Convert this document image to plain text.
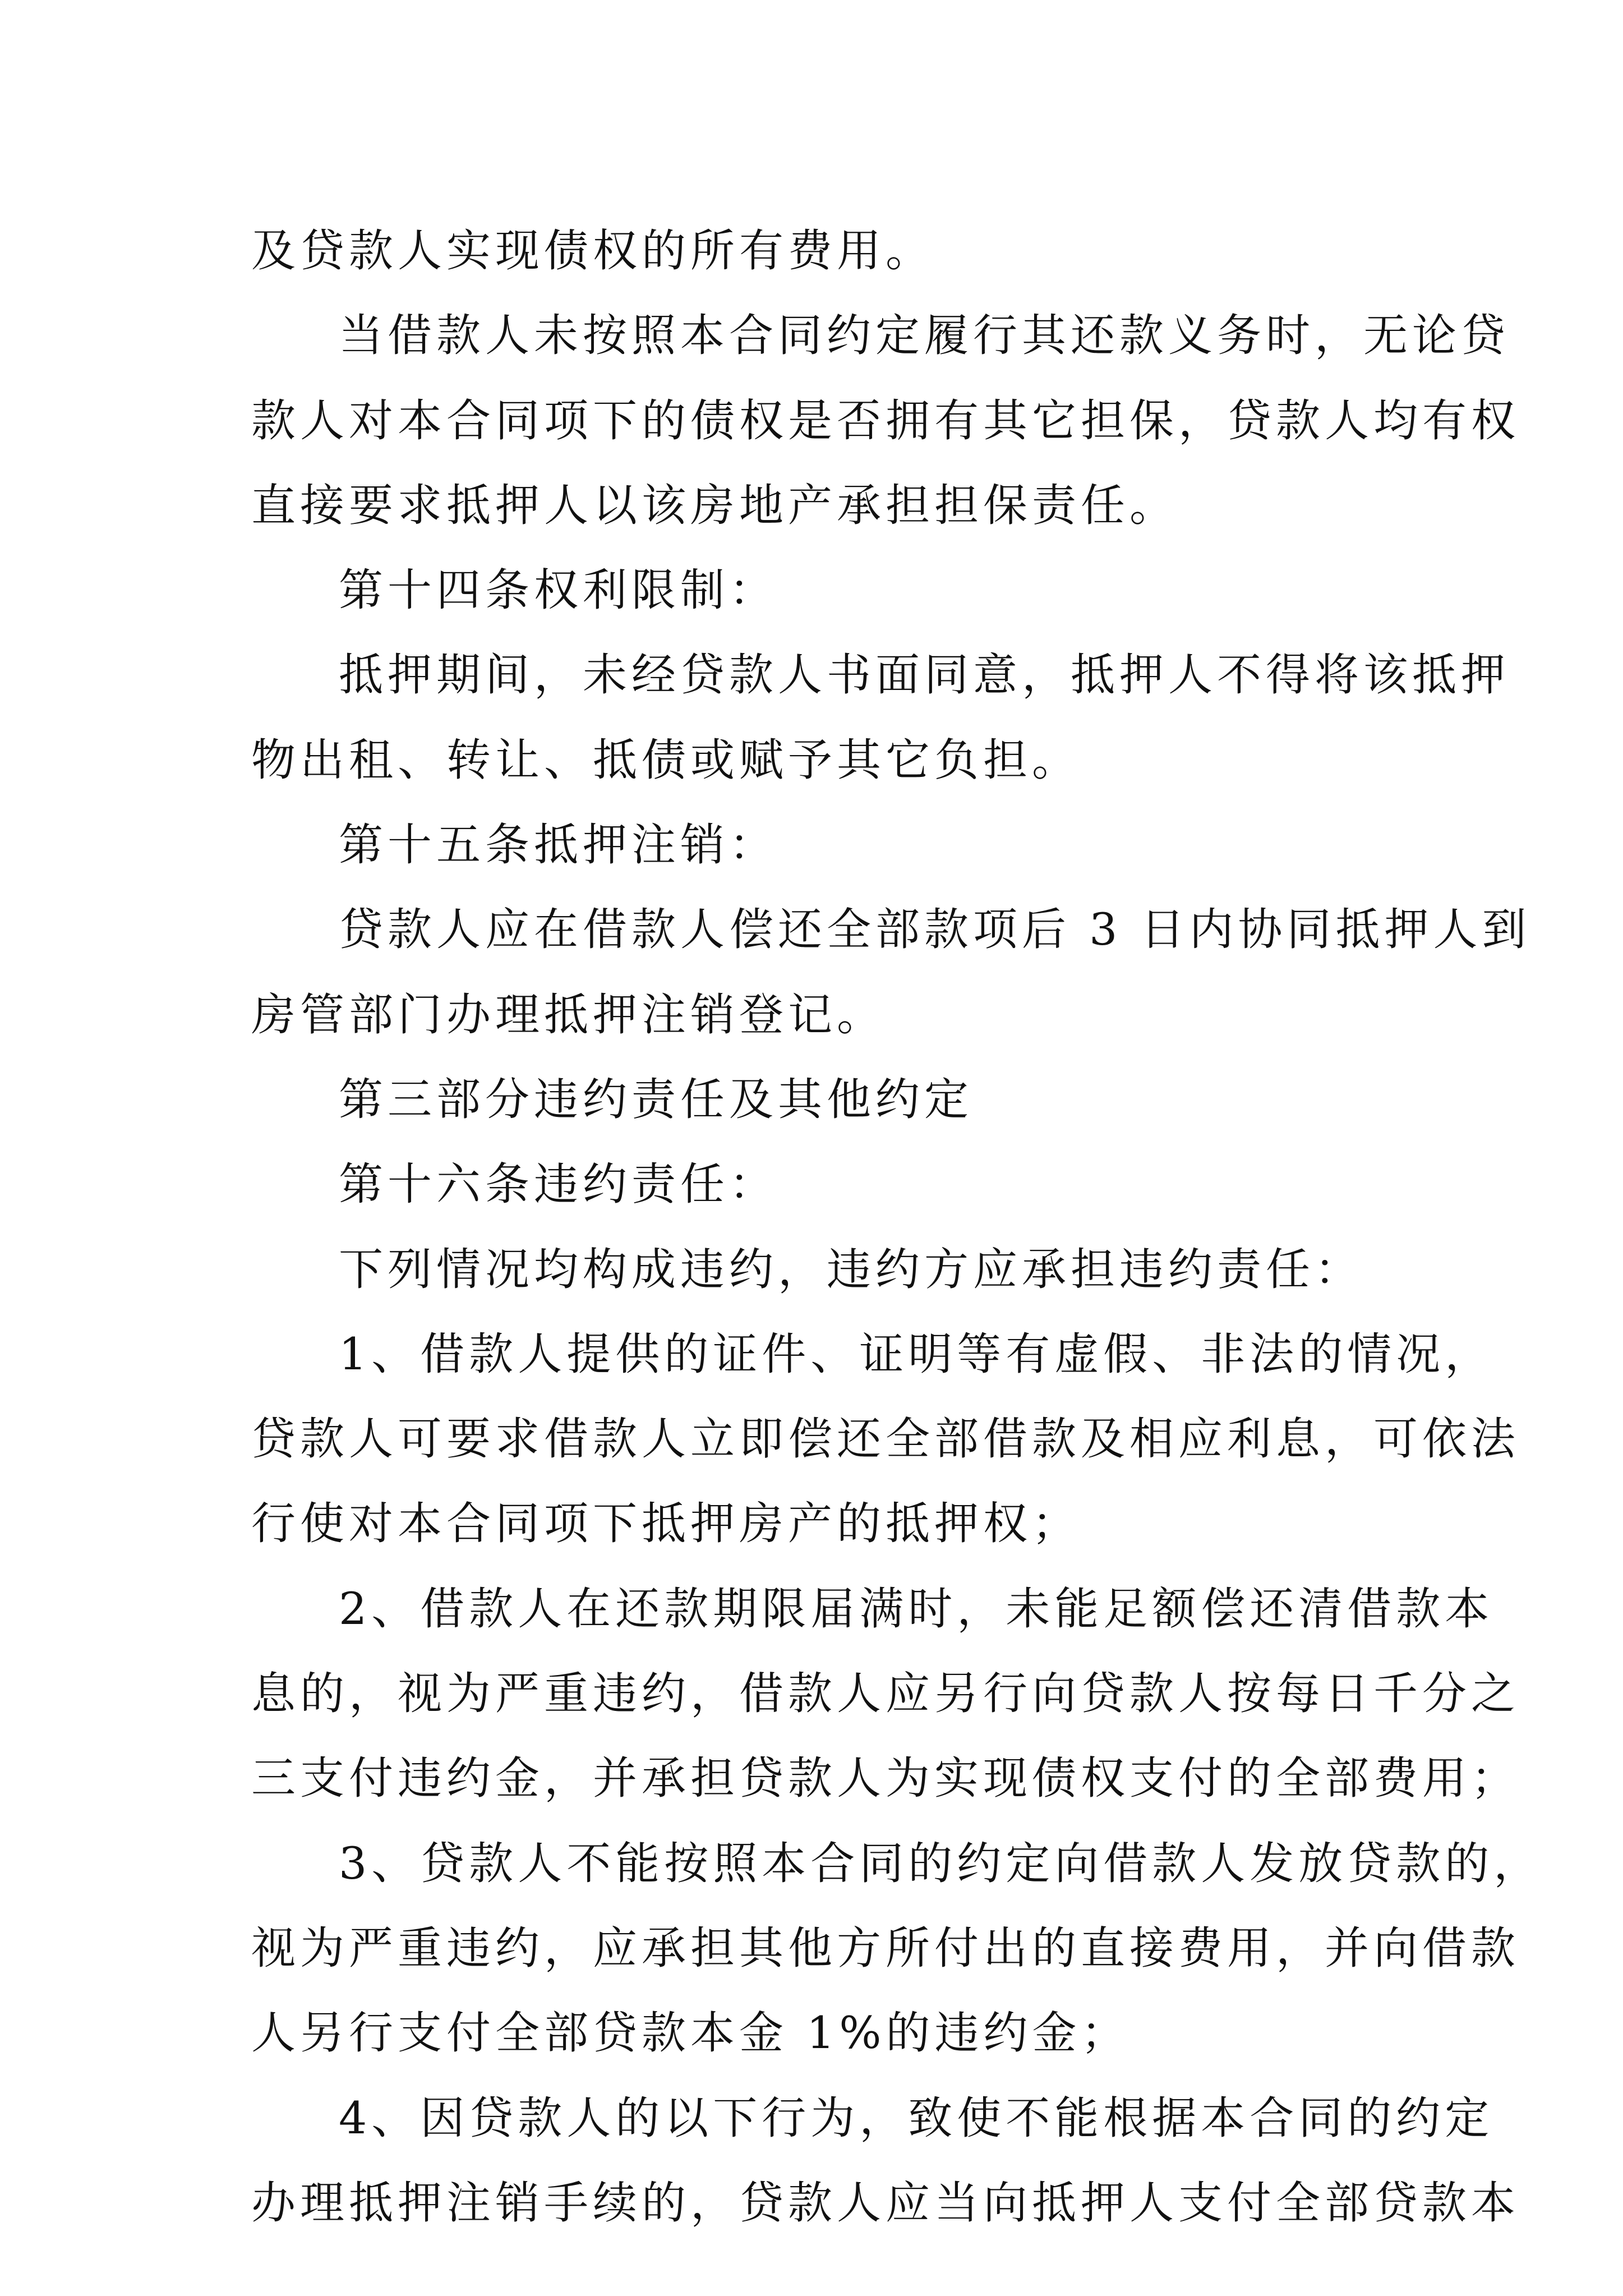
及贷款人实现债权的所有费用。
当借款人未按照本合同约定履行其还款义务时，无论贷
款人对本合同项下的债权是否拥有其它担保，贷款人均有权
直接要求抵押人以该房地产承担担保责任。
第十四条权利限制：
抵押期间，未经贷款人书面同意，抵押人不得将该抵押
物出租、转让、抵债或赋予其它负担。
第十五条抵押注销：
贷款人应在借款人偿还全部款项后 3 日内协同抵押人到
房管部门办理抵押注销登记。
第三部分违约责任及其他约定
第十六条违约责任：
下列情况均构成违约，违约方应承担违约责任：
1、借款人提供的证件、证明等有虚假、非法的情况，
贷款人可要求借款人立即偿还全部借款及相应利息，可依法
行使对本合同项下抵押房产的抵押权；
2、借款人在还款期限届满时，未能足额偿还清借款本
息的，视为严重违约，借款人应另行向贷款人按每日千分之
三支付违约金，并承担贷款人为实现债权支付的全部费用；
3、贷款人不能按照本合同的约定向借款人发放贷款的，
视为严重违约，应承担其他方所付出的直接费用，并向借款
人另行支付全部贷款本金 1%的违约金；
4、因贷款人的以下行为，致使不能根据本合同的约定
办理抵押注销手续的，贷款人应当向抵押人支付全部贷款本
